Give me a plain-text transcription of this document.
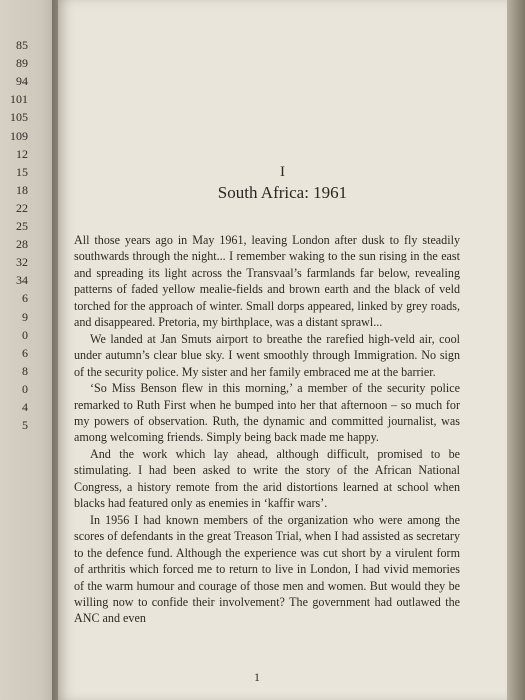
85
89
94
101
105
109
12
15
18
22
25
28
32
34
6
9
0
6
8
0
4
5
I
South Africa: 1961

All those years ago in May 1961, leaving London after dusk to fly steadily southwards through the night... I remember waking to the sun rising in the east and spreading its light across the Transvaal’s farmlands far below, revealing patterns of faded yellow mealie-fields and brown earth and the black of veld torched for the approach of winter. Small dorps appeared, linked by grey roads, and disappeared. Pretoria, my birthplace, was a distant sprawl...

We landed at Jan Smuts airport to breathe the rarefied high-veld air, cool under autumn’s clear blue sky. I went smoothly through Immigration. No sign of the security police. My sister and her family embraced me at the barrier.

‘So Miss Benson flew in this morning,’ a member of the security police remarked to Ruth First when he bumped into her that afternoon – so much for my powers of observation. Ruth, the dynamic and committed journalist, was among welcoming friends. Simply being back made me happy.

And the work which lay ahead, although difficult, promised to be stimulating. I had been asked to write the story of the African National Congress, a history remote from the arid distortions learned at school when blacks had featured only as enemies in ‘kaffir wars’.

In 1956 I had known members of the organization who were among the scores of defendants in the great Treason Trial, when I had assisted as secretary to the defence fund. Although the experience was cut short by a virulent form of arthritis which forced me to return to live in London, I had vivid memories of the warm humour and courage of those men and women. But would they be willing now to confide their involvement? The government had outlawed the ANC and even

1
